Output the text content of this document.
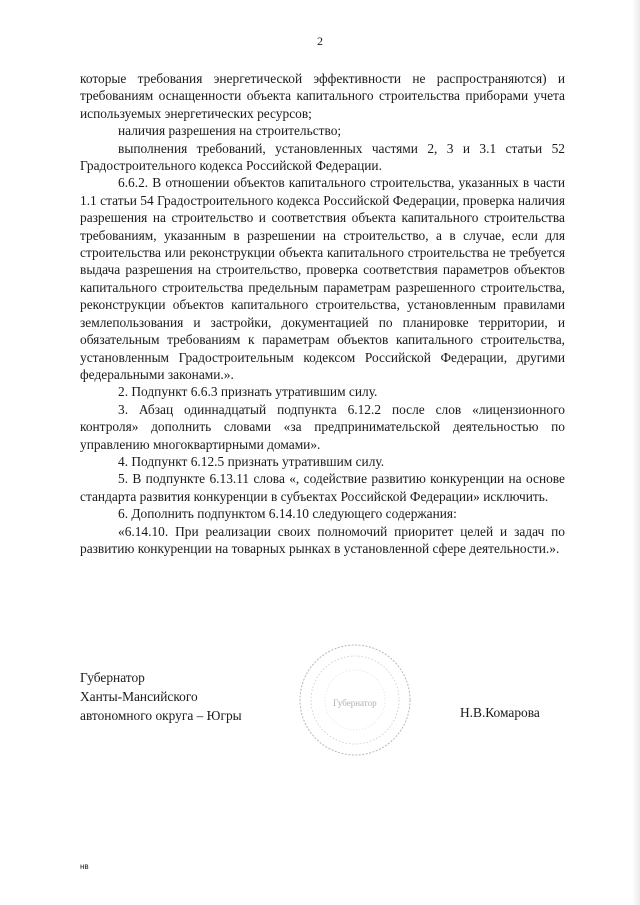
2

которые требования энергетической эффективности не распространяются) и требованиям оснащенности объекта капитального строительства приборами учета используемых энергетических ресурсов;

наличия разрешения на строительство;

выполнения требований, установленных частями 2, 3 и 3.1 статьи 52 Градостроительного кодекса Российской Федерации.

6.6.2. В отношении объектов капитального строительства, указанных в части 1.1 статьи 54 Градостроительного кодекса Российской Федерации, проверка наличия разрешения на строительство и соответствия объекта капитального строительства требованиям, указанным в разрешении на строительство, а в случае, если для строительства или реконструкции объекта капитального строительства не требуется выдача разрешения на строительство, проверка соответствия параметров объектов капитального строительства предельным параметрам разрешенного строительства, реконструкции объектов капитального строительства, установленным правилами землепользования и застройки, документацией по планировке территории, и обязательным требованиям к параметрам объектов капитального строительства, установленным Градостроительным кодексом Российской Федерации, другими федеральными законами.».

2. Подпункт 6.6.3 признать утратившим силу.

3. Абзац одиннадцатый подпункта 6.12.2 после слов «лицензионного контроля» дополнить словами «за предпринимательской деятельностью по управлению многоквартирными домами».

4. Подпункт 6.12.5 признать утратившим силу.

5. В подпункте 6.13.11 слова «, содействие развитию конкуренции на основе стандарта развития конкуренции в субъектах Российской Федерации» исключить.

6. Дополнить подпунктом 6.14.10 следующего содержания:

«6.14.10. При реализации своих полномочий приоритет целей и задач по развитию конкуренции на товарных рынках в установленной сфере деятельности.».

Губернатор
Ханты-Мансийского
автономного округа – Югры
Губернатор
Н.В.Комарова
нв
